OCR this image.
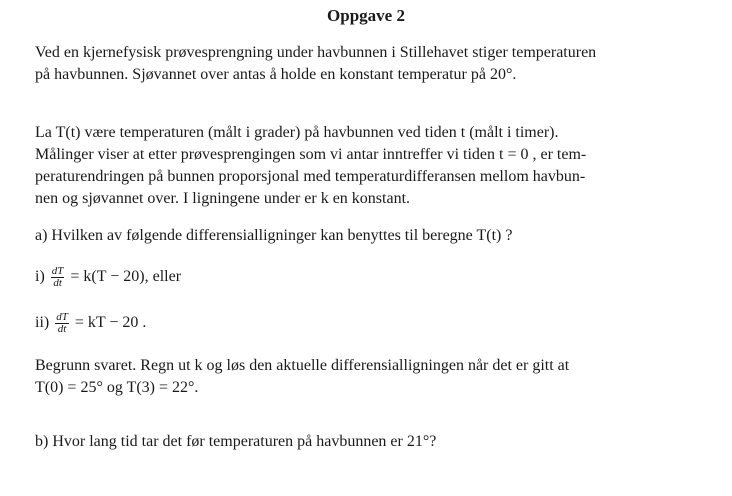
Oppgave 2
Ved en kjernefysisk prøvesprengning under havbunnen i Stillehavet stiger temperaturen
på havbunnen. Sjøvannet over antas å holde en konstant temperatur på 20°.
La T(t) være temperaturen (målt i grader) på havbunnen ved tiden t (målt i timer).
Målinger viser at etter prøvesprengingen som vi antar inntreffer vi tiden t = 0 , er tem-
peraturendringen på bunnen proporsjonal med temperaturdifferansen mellom havbun-
nen og sjøvannet over. I ligningene under er k en konstant.
a) Hvilken av følgende differensialligninger kan benyttes til beregne T(t) ?
$i) \frac{dT}{dt} = k(T - 20)$, eller
$ii) \frac{dT}{dt}$ = kT − 20 .
Begrunn svaret. Regn ut k og løs den aktuelle differensialligningen når det er gitt at
T(0) = 25° og T(3) = 22°.
b) Hvor lang tid tar det før temperaturen på havbunnen er 21°?
